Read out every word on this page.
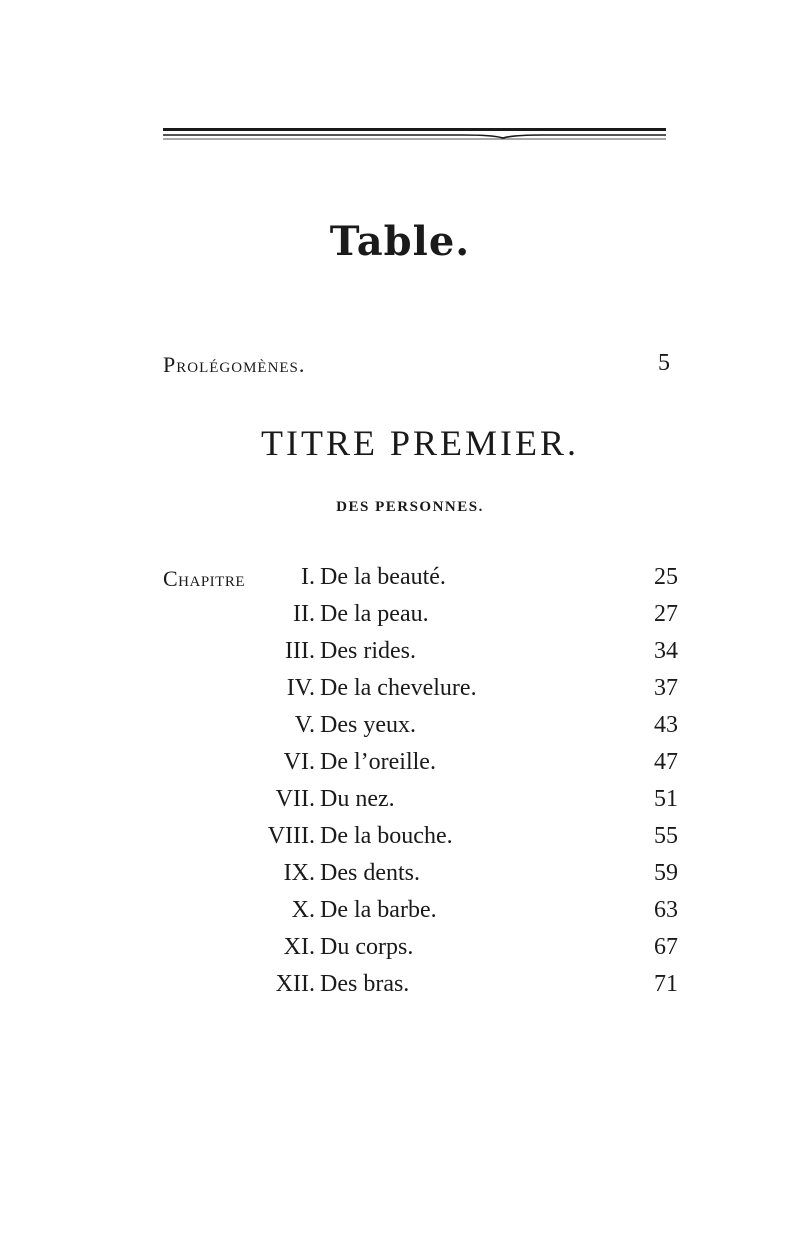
Table.
Prolégomènes.	5
TITRE PREMIER.
DES PERSONNES.
Chapitre I. De la beauté.	25
II. De la peau.	27
III. Des rides.	34
IV. De la chevelure.	37
V. Des yeux.	43
VI. De l’oreille.	47
VII. Du nez.	51
VIII. De la bouche.	55
IX. Des dents.	59
X. De la barbe.	63
XI. Du corps.	67
XII. Des bras.	71
